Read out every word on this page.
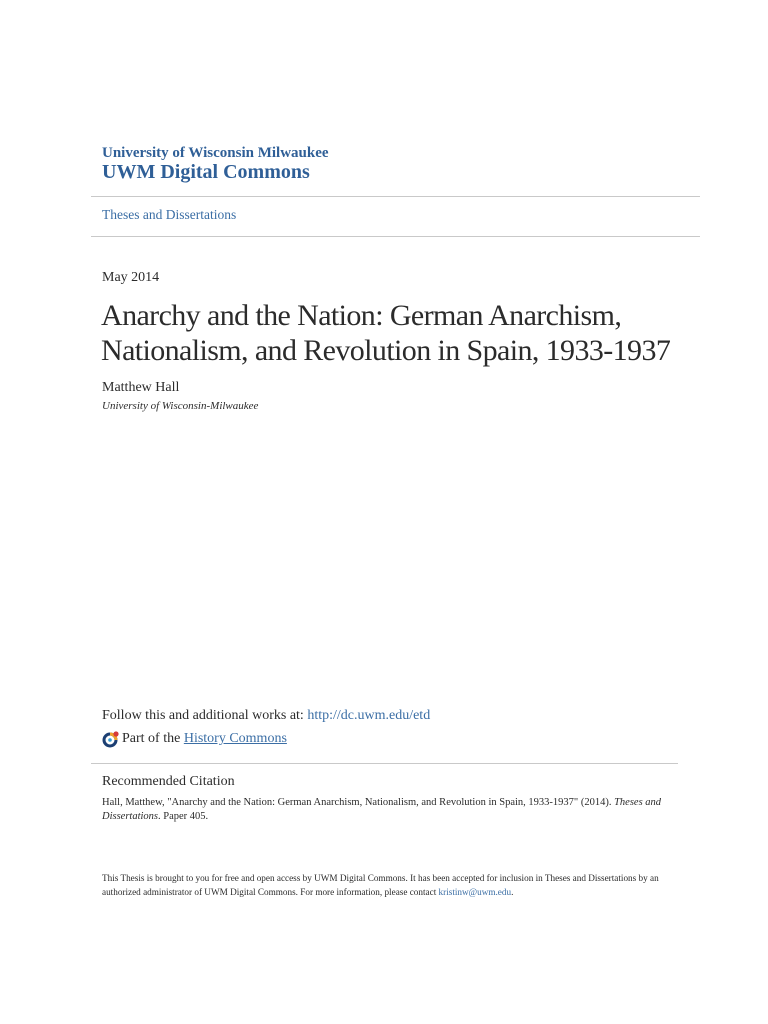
University of Wisconsin Milwaukee
UWM Digital Commons
Theses and Dissertations
May 2014
Anarchy and the Nation: German Anarchism, Nationalism, and Revolution in Spain, 1933-1937
Matthew Hall
University of Wisconsin-Milwaukee
Follow this and additional works at: http://dc.uwm.edu/etd
Part of the
History Commons
Recommended Citation
Hall, Matthew, "Anarchy and the Nation: German Anarchism, Nationalism, and Revolution in Spain, 1933-1937" (2014). Theses and Dissertations. Paper 405.
This Thesis is brought to you for free and open access by UWM Digital Commons. It has been accepted for inclusion in Theses and Dissertations by an authorized administrator of UWM Digital Commons. For more information, please contact kristinw@uwm.edu.
